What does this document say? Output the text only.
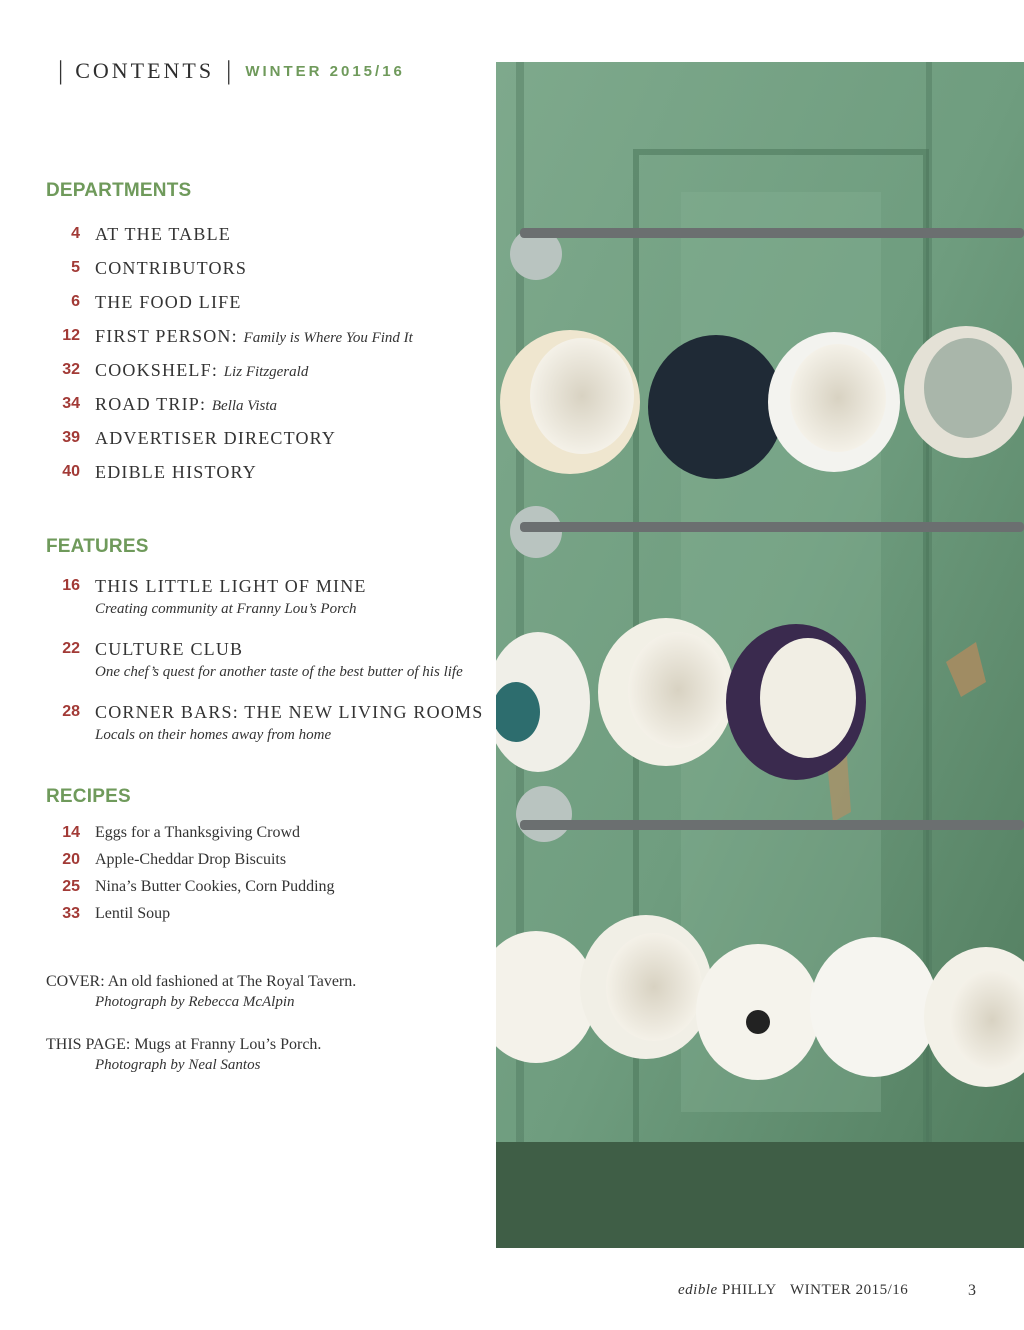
| CONTENTS | WINTER 2015/16
DEPARTMENTS
4 AT THE TABLE
5 CONTRIBUTORS
6 THE FOOD LIFE
12 FIRST PERSON: Family is Where You Find It
32 COOKSHELF: Liz Fitzgerald
34 ROAD TRIP: Bella Vista
39 ADVERTISER DIRECTORY
40 EDIBLE HISTORY
FEATURES
16 THIS LITTLE LIGHT OF MINE
Creating community at Franny Lou’s Porch
22 CULTURE CLUB
One chef’s quest for another taste of the best butter of his life
28 CORNER BARS: THE NEW LIVING ROOMS
Locals on their homes away from home
RECIPES
14 Eggs for a Thanksgiving Crowd
20 Apple-Cheddar Drop Biscuits
25 Nina’s Butter Cookies, Corn Pudding
33 Lentil Soup
COVER: An old fashioned at The Royal Tavern.
Photograph by Rebecca McAlpin
THIS PAGE: Mugs at Franny Lou’s Porch.
Photograph by Neal Santos
edible PHILLY WINTER 2015/16	3
